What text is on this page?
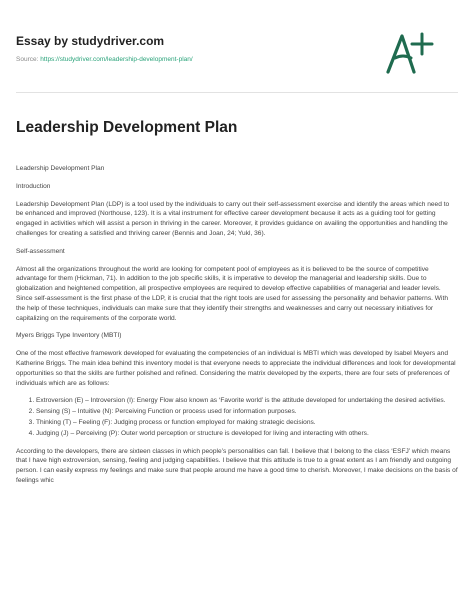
Essay by studydriver.com
Source: https://studydriver.com/leadership-development-plan/
Leadership Development Plan

Leadership Development Plan

Introduction

Leadership Development Plan (LDP) is a tool used by the individuals to carry out their self-assessment exercise and identify the areas which need to be enhanced and improved (Northouse, 123). It is a vital instrument for effective career development because it acts as a guiding tool for getting engaged in activities which will assist a person in thriving in the career. Moreover, it provides guidance on availing the opportunities and handling the challenges for creating a satisfied and thriving career (Bennis and Joan, 24; Yukl, 36).

Self-assessment

Almost all the organizations throughout the world are looking for competent pool of employees as it is believed to be the source of competitive advantage for them (Hickman, 71). In addition to the job specific skills, it is imperative to develop the managerial and leadership skills. Due to globalization and heightened competition, all prospective employees are required to develop effective capabilities of managerial and leader levels. Since self-assessment is the first phase of the LDP, it is crucial that the right tools are used for assessing the personality and behavior patterns. With the help of these techniques, individuals can make sure that they identify their strengths and weaknesses and carry out necessary initiatives for capitalizing on the requirements of the corporate world.

Myers Briggs Type Inventory (MBTI)

One of the most effective framework developed for evaluating the competencies of an individual is MBTI which was developed by Isabel Meyers and Katherine Briggs. The main idea behind this inventory model is that everyone needs to appreciate the individual differences and look for developmental opportunities so that the skills are further polished and refined. Considering the matrix developed by the experts, there are four sets of preferences of individuals which are as follows:

1. Extroversion (E) – Introversion (I): Energy Flow also known as ‘Favorite world’ is the attitude developed for undertaking the desired activities.
2. Sensing (S) – Intuitive (N): Perceiving Function or process used for information purposes.
3. Thinking (T) – Feeling (F): Judging process or function employed for making strategic decisions.
4. Judging (J) – Perceiving (P): Outer world perception or structure is developed for living and interacting with others.

According to the developers, there are sixteen classes in which people’s personalities can fall. I believe that I belong to the class ‘ESFJ’ which means that I have high extroversion, sensing, feeling and judging capabilities. I believe that this attitude is true to a great extent as I am friendly and outgoing person. I can easily express my feelings and make sure that people around me have a good time to cherish. Moreover, I make decisions on the basis of feelings whic
